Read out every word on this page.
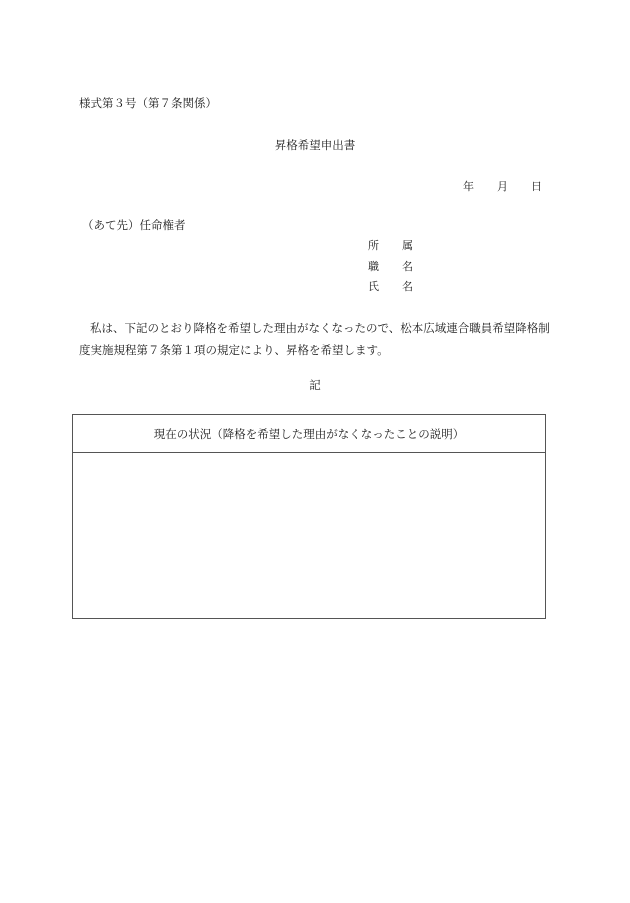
様式第３号（第７条関係）
昇格希望申出書
年 月 日
（あて先）任命権者
所 属
職 名
氏 名
私は、下記のとおり降格を希望した理由がなくなったので、松本広域連合職員希望降格制度実施規程第７条第１項の規定により、昇格を希望します。
記
現在の状況（降格を希望した理由がなくなったことの説明）
